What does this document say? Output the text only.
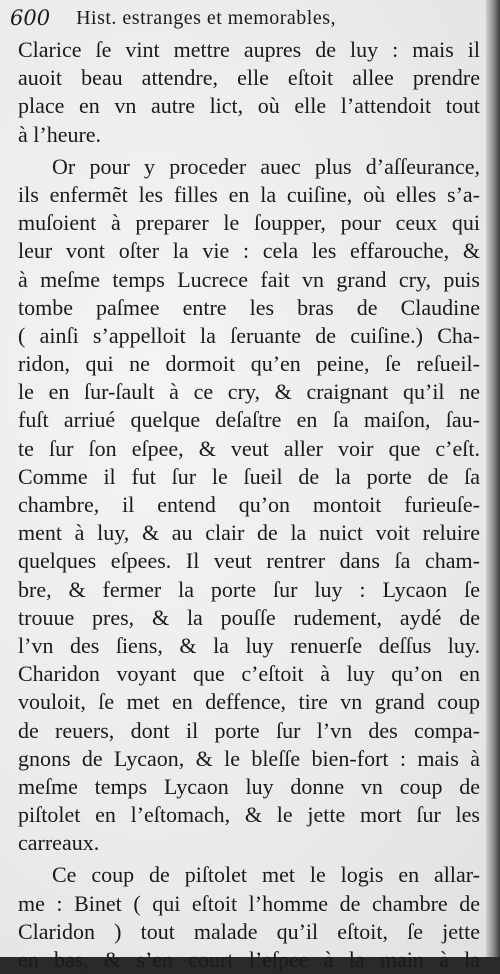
600 Hist. estranges et memorables,
Clarice ſe vint mettre aupres de luy : mais il
auoit beau attendre, elle eſtoit allee prendre
place en vn autre lict, où elle l’attendoit tout
à l’heure.
Or pour y proceder auec plus d’aſſeurance,
ils enfermẽt les filles en la cuiſine, où elles s’a-
muſoient à preparer le ſoupper, pour ceux qui
leur vont oſter la vie : cela les effarouche, &
à meſme temps Lucrece fait vn grand cry, puis
tombe paſmee entre les bras de Claudine
( ainſi s’appelloit la ſeruante de cuiſine.) Cha-
ridon, qui ne dormoit qu’en peine, ſe reſueil-
le en ſur-ſault à ce cry, & craignant qu’il ne
fuſt arriué quelque deſaſtre en ſa maiſon, ſau-
te ſur ſon eſpee, & veut aller voir que c’eſt.
Comme il fut ſur le ſueil de la porte de ſa
chambre, il entend qu’on montoit furieuſe-
ment à luy, & au clair de la nuict voit reluire
quelques eſpees. Il veut rentrer dans ſa cham-
bre, & fermer la porte ſur luy : Lycaon ſe
trouue pres, & la pouſſe rudement, aydé de
l’vn des ſiens, & la luy renuerſe deſſus luy.
Charidon voyant que c’eſtoit à luy qu’on en
vouloit, ſe met en deffence, tire vn grand coup
de reuers, dont il porte ſur l’vn des compa-
gnons de Lycaon, & le bleſſe bien-fort : mais à
meſme temps Lycaon luy donne vn coup de
piſtolet en l’eſtomach, & le jette mort ſur les
carreaux.
Ce coup de piſtolet met le logis en allar-
me : Binet ( qui eſtoit l’homme de chambre de
Claridon ) tout malade qu’il eſtoit, ſe jette
en bas, & s’en court l’eſpee à la main à la
